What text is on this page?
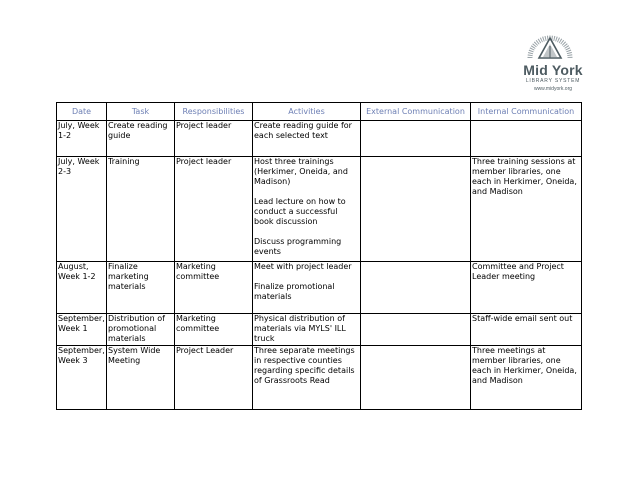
Mid York
LIBRARY SYSTEM
www.midyork.org
Date	Task	Responsibilities	Activities	External Communication	Internal Communication
July, Week 1-2	Create reading guide	Project leader	Create reading guide for each selected text		

July, Week 2-3	Training	Project leader	Host three trainings (Herkimer, Oneida, and Madison)
Lead lecture on how to conduct a successful book discussion
Discuss programming events		Three training sessions at member libraries, one each in Herkimer, Oneida, and Madison
August, Week 1-2	Finalize marketing materials	Marketing committee	Meet with project leader
Finalize promotional materials		Committee and Project Leader meeting
September, Week 1	Distribution of promotional materials	Marketing committee	Physical distribution of materials via MYLS' ILL truck		Staff-wide email sent out
September, Week 3	System Wide Meeting	Project Leader	Three separate meetings in respective counties regarding specific details of Grassroots Read		Three meetings at member libraries, one each in Herkimer, Oneida, and Madison
